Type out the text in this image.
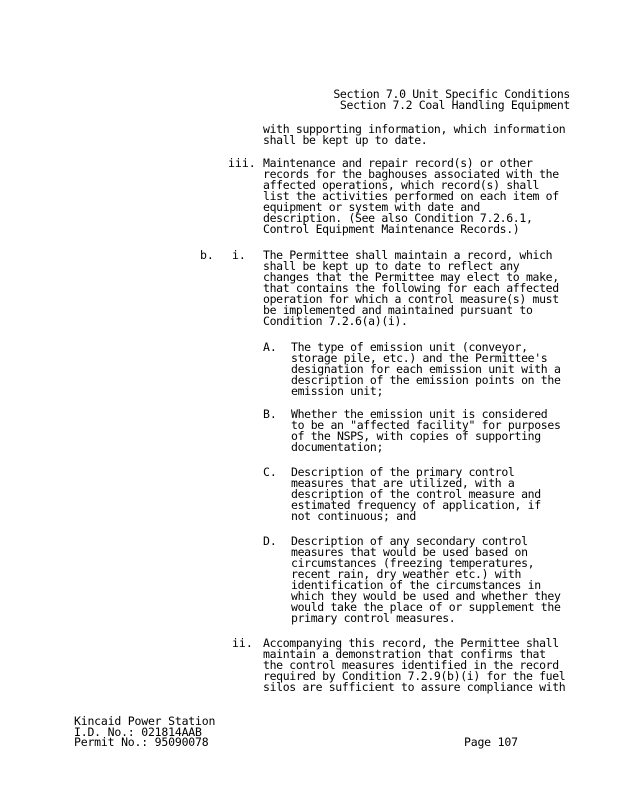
Section 7.0 Unit Specific Conditions
Section 7.2 Coal Handling Equipment
with supporting information, which information
shall be kept up to date.
iii. Maintenance and repair record(s) or other
records for the baghouses associated with the
affected operations, which record(s) shall
list the activities performed on each item of
equipment or system with date and
description. (See also Condition 7.2.6.1,
Control Equipment Maintenance Records.)
b. i. The Permittee shall maintain a record, which
shall be kept up to date to reflect any
changes that the Permittee may elect to make,
that contains the following for each affected
operation for which a control measure(s) must
be implemented and maintained pursuant to
Condition 7.2.6(a)(i).
A. The type of emission unit (conveyor,
storage pile, etc.) and the Permittee's
designation for each emission unit with a
description of the emission points on the
emission unit;
B. Whether the emission unit is considered
to be an "affected facility" for purposes
of the NSPS, with copies of supporting
documentation;
C. Description of the primary control
measures that are utilized, with a
description of the control measure and
estimated frequency of application, if
not continuous; and
D. Description of any secondary control
measures that would be used based on
circumstances (freezing temperatures,
recent rain, dry weather etc.) with
identification of the circumstances in
which they would be used and whether they
would take the place of or supplement the
primary control measures.
ii. Accompanying this record, the Permittee shall
maintain a demonstration that confirms that
the control measures identified in the record
required by Condition 7.2.9(b)(i) for the fuel
silos are sufficient to assure compliance with
Kincaid Power Station
I.D. No.: 021814AAB
Permit No.: 95090078	Page 107
